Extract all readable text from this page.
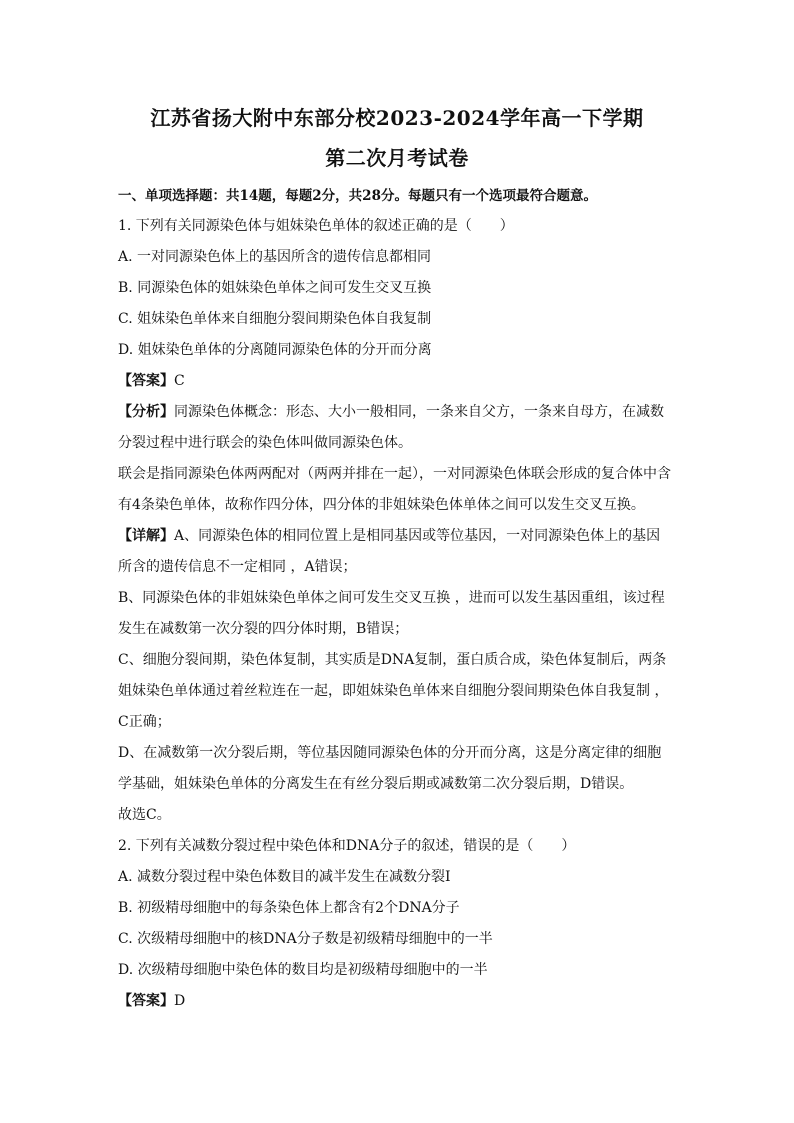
江苏省扬大附中东部分校2023-2024学年高一下学期
第二次月考试卷
一、单项选择题：共14题，每题2分，共28分。每题只有一个选项最符合题意。
1. 下列有关同源染色体与姐妹染色单体的叙述正确的是（　　）
A. 一对同源染色体上的基因所含的遗传信息都相同
B. 同源染色体的姐妹染色单体之间可发生交叉互换
C. 姐妹染色单体来自细胞分裂间期染色体自我复制
D. 姐妹染色单体的分离随同源染色体的分开而分离
【答案】C
【分析】同源染色体概念：形态、大小一般相同，一条来自父方，一条来自母方，在减数
分裂过程中进行联会的染色体叫做同源染色体。
联会是指同源染色体两两配对（两两并排在一起），一对同源染色体联会形成的复合体中含
有4条染色单体，故称作四分体，四分体的非姐妹染色体单体之间可以发生交叉互换。
【详解】A、同源染色体的相同位置上是相同基因或等位基因，一对同源染色体上的基因
所含的遗传信息不一定相同 ，A错误；
B、同源染色体的非姐妹染色单体之间可发生交叉互换 ，进而可以发生基因重组，该过程
发生在减数第一次分裂的四分体时期，B错误；
C、细胞分裂间期，染色体复制，其实质是DNA复制，蛋白质合成，染色体复制后，两条
姐妹染色单体通过着丝粒连在一起，即姐妹染色单体来自细胞分裂间期染色体自我复制 ，
C正确；
D、在减数第一次分裂后期，等位基因随同源染色体的分开而分离，这是分离定律的细胞
学基础，姐妹染色单体的分离发生在有丝分裂后期或减数第二次分裂后期，D错误。
故选C。
2. 下列有关减数分裂过程中染色体和DNA分子的叙述，错误的是（　　）
A. 减数分裂过程中染色体数目的减半发生在减数分裂Ⅰ
B. 初级精母细胞中的每条染色体上都含有2个DNA分子
C. 次级精母细胞中的核DNA分子数是初级精母细胞中的一半
D. 次级精母细胞中染色体的数目均是初级精母细胞中的一半
【答案】D
